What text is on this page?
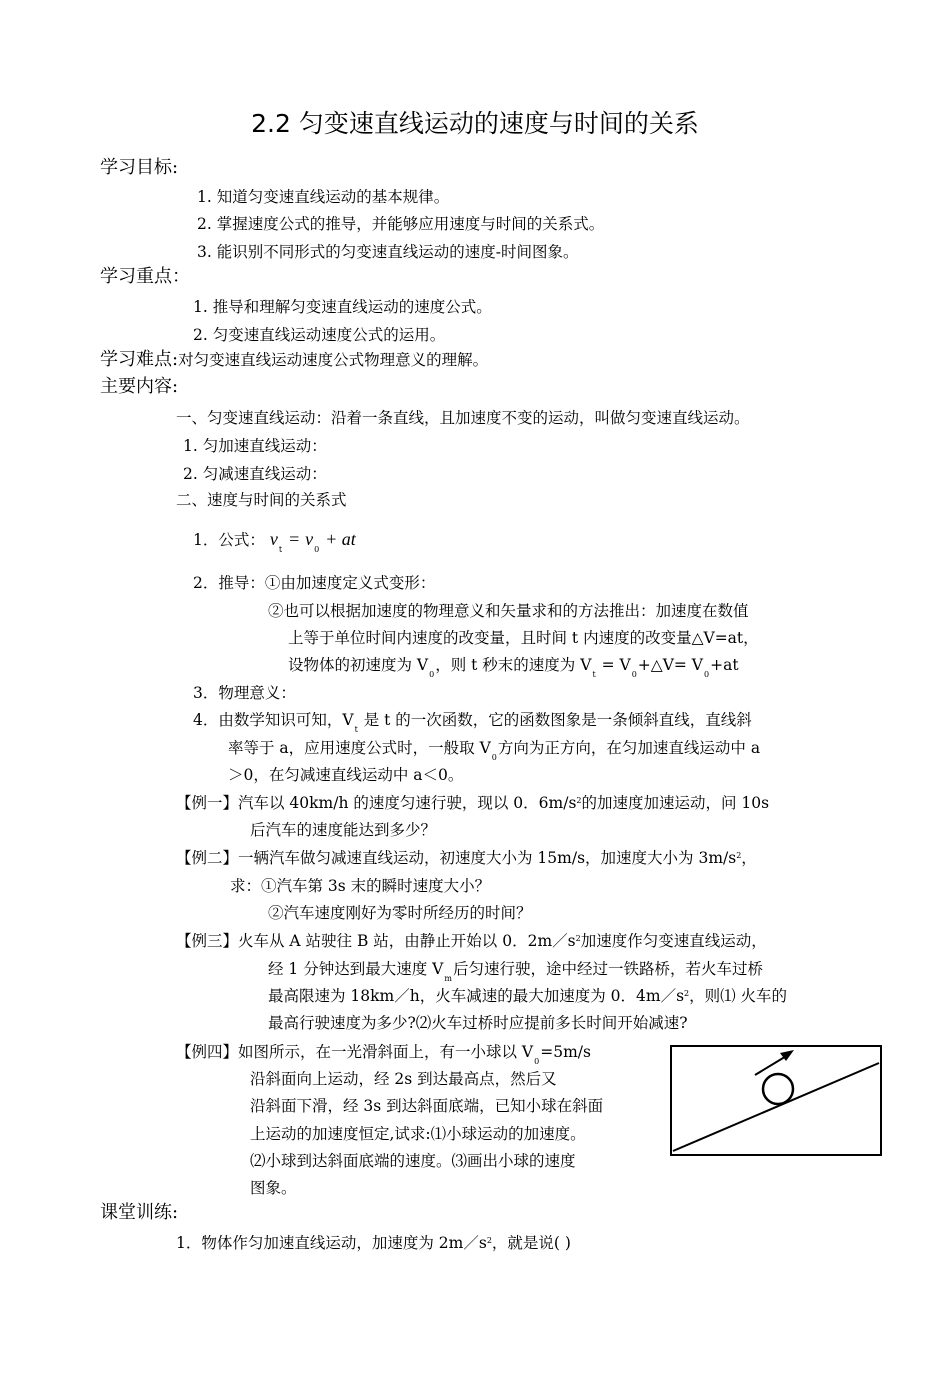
2.2 匀变速直线运动的速度与时间的关系
学习目标:
1. 知道匀变速直线运动的基本规律。
2. 掌握速度公式的推导，并能够应用速度与时间的关系式。
3. 能识别不同形式的匀变速直线运动的速度-时间图象。
学习重点：
1. 推导和理解匀变速直线运动的速度公式。
2. 匀变速直线运动速度公式的运用。
学习难点:对匀变速直线运动速度公式物理意义的理解。
主要内容:
一、匀变速直线运动：沿着一条直线，且加速度不变的运动，叫做匀变速直线运动。
1. 匀加速直线运动：
2. 匀减速直线运动：
二、速度与时间的关系式
1．公式： $v_t = v_0$ + at
2．推导：①由加速度定义式变形：
②也可以根据加速度的物理意义和矢量求和的方法推出：加速度在数值
上等于单位时间内速度的改变量，且时间 t 内速度的改变量△V=at，
设物体的初速度为 $V_0$，则 t 秒末的速度为 $V_t$ = $V_0+\triangle V= V_0+at$
3．物理意义：
4．由数学知识可知，$V_t$ 是 t 的一次函数，它的函数图象是一条倾斜直线，直线斜
率等于 a，应用速度公式时，一般取 $V_0$方向为正方向，在匀加速直线运动中 a
＞0，在匀减速直线运动中 a＜0。
【例一】汽车以 40km/h 的速度匀速行驶，现以 0．$6m/s^2$的加速度加速运动，问 10s
后汽车的速度能达到多少？
【例二】一辆汽车做匀减速直线运动，初速度大小为 15m/s，加速度大小为 $3m/s^2$，
求：①汽车第 3s 末的瞬时速度大小？
②汽车速度刚好为零时所经历的时间？
【例三】火车从 A 站驶往 B 站，由静止开始以 0．$2m/s^2$加速度作匀变速直线运动，
经 1 分钟达到最大速度 $V_m$后匀速行驶，途中经过一铁路桥，若火车过桥
最高限速为 18km／h，火车减速的最大加速度为 0．$4m/s^2$，则⑴ 火车的
最高行驶速度为多少?⑵火车过桥时应提前多长时间开始减速?
【例四】如图所示，在一光滑斜面上，有一小球以 $V_0=5m/s$
沿斜面向上运动，经 2s 到达最高点，然后又
沿斜面下滑，经 3s 到达斜面底端，已知小球在斜面
上运动的加速度恒定,试求:⑴小球运动的加速度。
⑵小球到达斜面底端的速度。⑶画出小球的速度
图象。
课堂训练:
1．物体作匀加速直线运动，加速度为 $2m/s^2$，就是说( )
